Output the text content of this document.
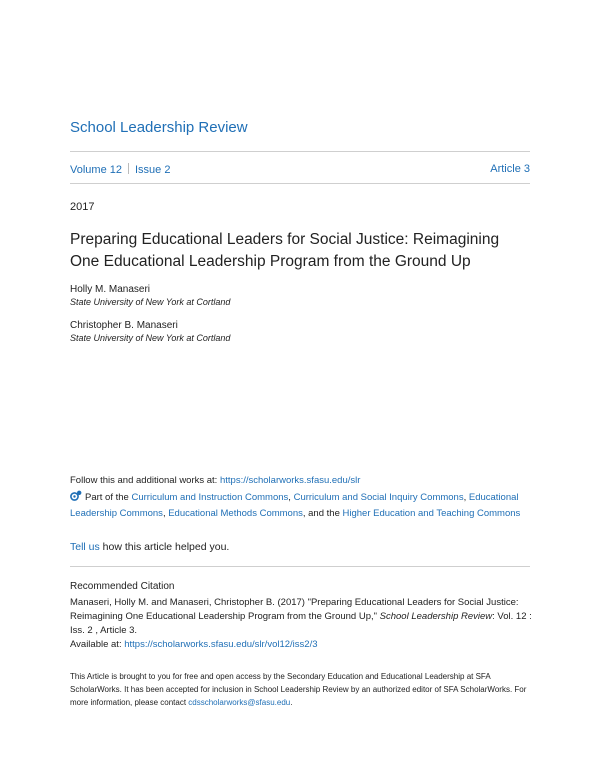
School Leadership Review
Volume 12 Issue 2	Article 3
2017
Preparing Educational Leaders for Social Justice: Reimagining One Educational Leadership Program from the Ground Up
Holly M. Manaseri
State University of New York at Cortland
Christopher B. Manaseri
State University of New York at Cortland
Follow this and additional works at: https://scholarworks.sfasu.edu/slr
Part of the Curriculum and Instruction Commons, Curriculum and Social Inquiry Commons, Educational Leadership Commons, Educational Methods Commons, and the Higher Education and Teaching Commons
Tell us how this article helped you.
Recommended Citation
Manaseri, Holly M. and Manaseri, Christopher B. (2017) "Preparing Educational Leaders for Social Justice: Reimagining One Educational Leadership Program from the Ground Up," School Leadership Review: Vol. 12 : Iss. 2 , Article 3.
Available at: https://scholarworks.sfasu.edu/slr/vol12/iss2/3
This Article is brought to you for free and open access by the Secondary Education and Educational Leadership at SFA ScholarWorks. It has been accepted for inclusion in School Leadership Review by an authorized editor of SFA ScholarWorks. For more information, please contact cdsscholarworks@sfasu.edu.
